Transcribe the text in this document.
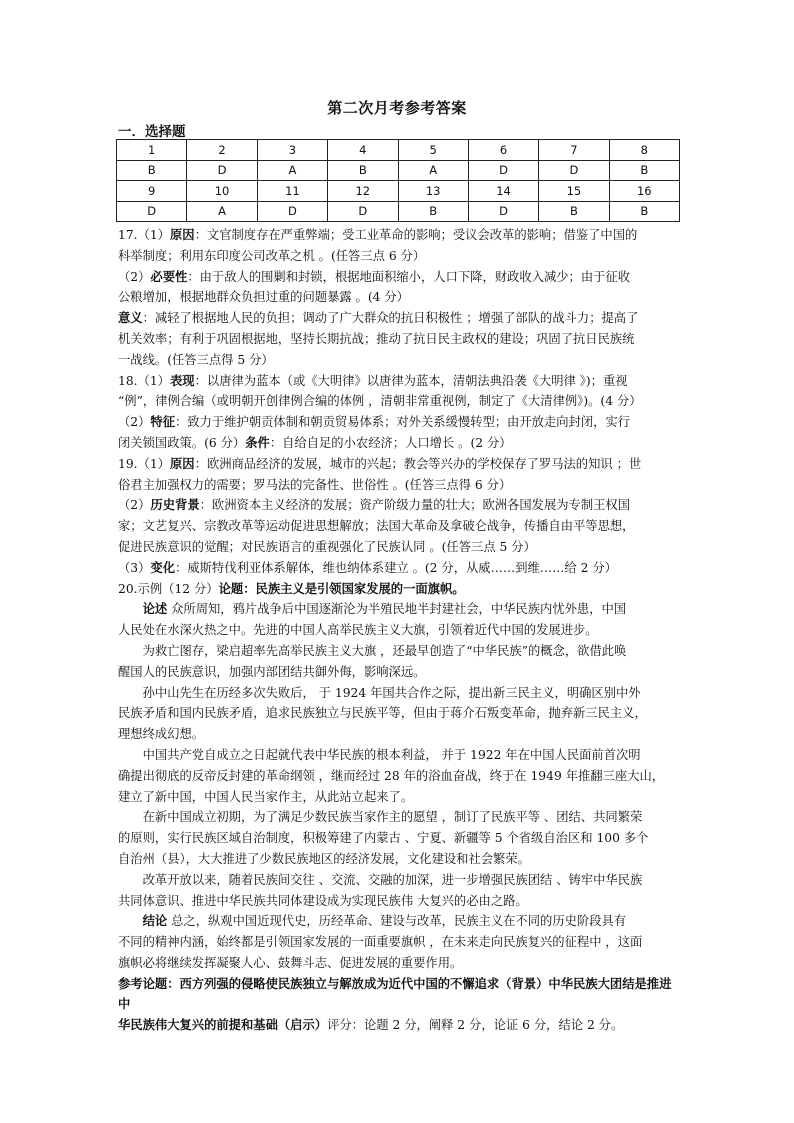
第二次月考参考答案
一．选择题
1	2	3	4	5	6	7	8
B	D	A	B	A	D	D	B
9	10	11	12	13	14	15	16
D	A	D	D	B	D	B	B

17.（1）原因：文官制度存在严重弊端；受工业革命的影响；受议会改革的影响；借鉴了中国的

科举制度；利用东印度公司改革之机 。(任答三点 6 分）

（2）必要性：由于敌人的围剿和封锁，根据地面积缩小，人口下降，财政收入减少；由于征收

公粮增加，根据地群众负担过重的问题暴露 。(4 分）

意义：减轻了根据地人民的负担；调动了广大群众的抗日积极性 ；增强了部队的战斗力；提高了

机关效率；有利于巩固根据地，坚持长期抗战；推动了抗日民主政权的建设；巩固了抗日民族统

一战线。(任答三点得 5 分）

18.（1）表现：以唐律为蓝本（或《大明律》以唐律为蓝本，清朝法典沿袭《大明律 》)；重视

“例”，律例合编（或明朝开创律例合编的体例 ，清朝非常重视例，制定了《大清律例》)。(4 分）

（2）特征：致力于维护朝贡体制和朝贡贸易体系；对外关系缓慢转型；由开放走向封闭，实行

闭关锁国政策。(6 分）条件：自给自足的小农经济；人口增长 。(2 分）

19.（1）原因：欧洲商品经济的发展，城市的兴起；教会等兴办的学校保存了罗马法的知识 ；世

俗君主加强权力的需要；罗马法的完备性、世俗性 。(任答三点得 6 分）

（2）历史背景：欧洲资本主义经济的发展；资产阶级力量的壮大；欧洲各国发展为专制王权国

家；文艺复兴、宗教改革等运动促进思想解放；法国大革命及拿破仑战争，传播自由平等思想，

促进民族意识的觉醒；对民族语言的重视强化了民族认同 。(任答三点 5 分）

（3）变化：威斯特伐利亚体系解体，维也纳体系建立 。(2 分，从威……到维……给 2 分）

20.示例（12 分）论题：民族主义是引领国家发展的一面旗帜。

论述 众所周知，鸦片战争后中国逐渐沦为半殖民地半封建社会，中华民族内忧外患，中国

人民处在水深火热之中。先进的中国人高举民族主义大旗，引领着近代中国的发展进步。

为救亡图存，梁启超率先高举民族主义大旗 ，还最早创造了“中华民族”的概念，欲借此唤

醒国人的民族意识，加强内部团结共御外侮，影响深远。

孙中山先生在历经多次失败后， 于 1924 年国共合作之际，提出新三民主义，明确区别中外

民族矛盾和国内民族矛盾，追求民族独立与民族平等，但由于蒋介石叛变革命，抛弃新三民主义，

理想终成幻想。

中国共产党自成立之日起就代表中华民族的根本利益， 并于 1922 年在中国人民面前首次明

确提出彻底的反帝反封建的革命纲领 ，继而经过 28 年的浴血奋战，终于在 1949 年推翻三座大山，

建立了新中国，中国人民当家作主，从此站立起来了。

在新中国成立初期，为了满足少数民族当家作主的愿望 ，制订了民族平等 、团结、共同繁荣

的原则，实行民族区域自治制度，积极筹建了内蒙古 、宁夏、新疆等 5 个省级自治区和 100 多个

自治州（县），大大推进了少数民族地区的经济发展，文化建设和社会繁荣。

改革开放以来，随着民族间交往 、交流、交融的加深，进一步增强民族团结 、铸牢中华民族

共同体意识、推进中华民族共同体建设成为实现民族伟 大复兴的必由之路。

结论 总之，纵观中国近现代史，历经革命、建设与改革，民族主义在不同的历史阶段具有

不同的精神内涵，始终都是引领国家发展的一面重要旗帜 ，在未来走向民族复兴的征程中 ，这面

旗帜必将继续发挥凝聚人心、鼓舞斗志、促进发展的重要作用。

参考论题：西方列强的侵略使民族独立与解放成为近代中国的不懈追求（背景）中华民族大团结是推进中

华民族伟大复兴的前提和基础（启示）评分：论题 2 分，阐释 2 分，论证 6 分，结论 2 分。
